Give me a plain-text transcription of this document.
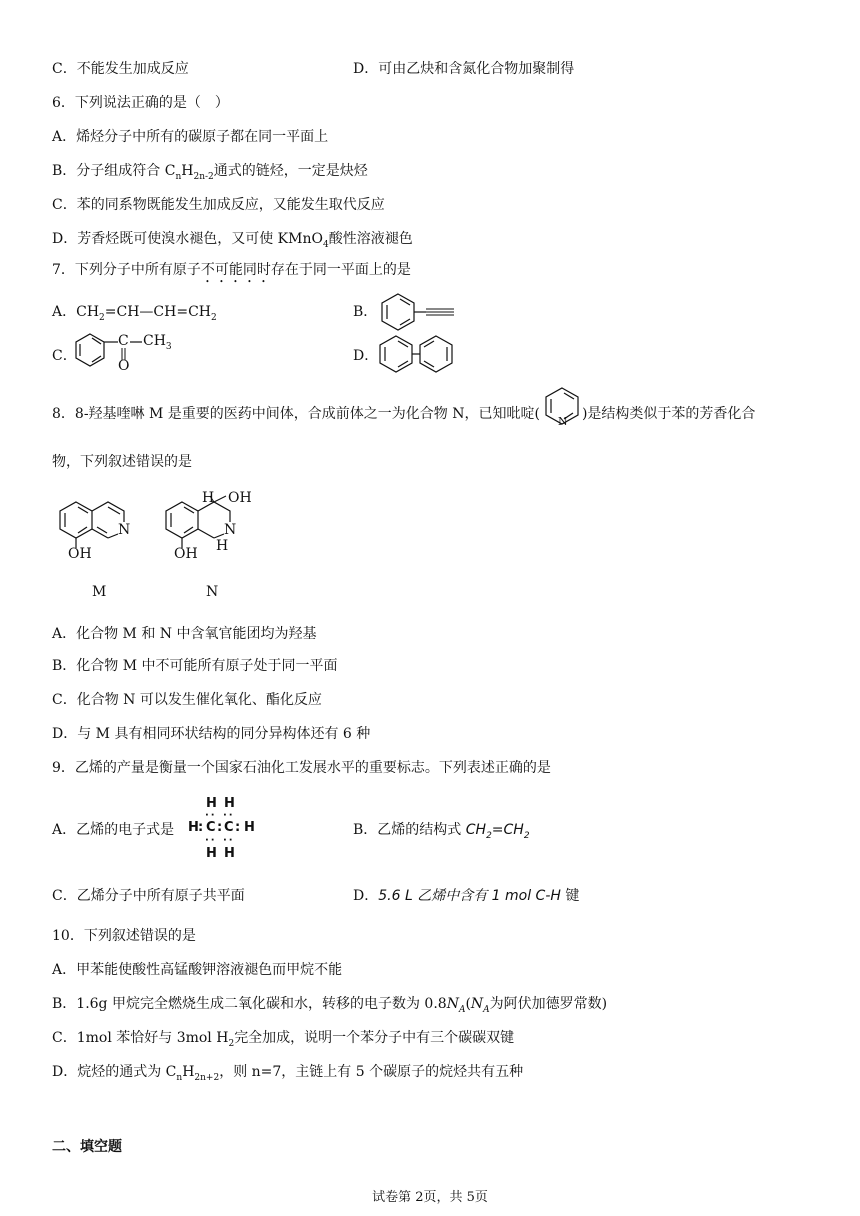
C．不能发生加成反应	D．可由乙炔和含氮化合物加聚制得
6．下列说法正确的是（　）
A．烯烃分子中所有的碳原子都在同一平面上
B．分子组成符合 $C_nH_{2n-2}$通式的链烃，一定是炔烃
C．苯的同系物既能发生加成反应，又能发生取代反应
D．芳香烃既可使溴水褪色，又可使 KMnO$_4$酸性溶液褪色
7．下列分子中所有原子不可能同时存在于同一平面上的是
A．$CH_2=CH—CH=CH_2$	B．
C．
C $CH_3$
O
D．
8．8-羟基喹啉 M 是重要的医药中间体，合成前体之一为化合物 N，已知吡啶( N )是结构类似于苯的芳香化合
物，下列叙述错误的是
N
OH
M
H OH
N
H
OH
N
A．化合物 M 和 N 中含氧官能团均为羟基
B．化合物 M 中不可能所有原子处于同一平面
C．化合物 N 可以发生催化氧化、酯化反应
D．与 M 具有相同环状结构的同分异构体还有 6 种
9．乙烯的产量是衡量一个国家石油化工发展水平的重要标志。下列表述正确的是
A．乙烯的电子式是
H H
·· ··
H : C : C : H
·· ··
H H
B．乙烯的结构式 $CH_2=CH_2$
C．乙烯分子中所有原子共平面	D．5.6 L 乙烯中含有 1 mol C-H 键
10．下列叙述错误的是
A．甲苯能使酸性高锰酸钾溶液褪色而甲烷不能
B．1.6g 甲烷完全燃烧生成二氧化碳和水，转移的电子数为 $0.8N_A(N_A$为阿伏加德罗常数)
C．1mol 苯恰好与 3mol $H_2$完全加成，说明一个苯分子中有三个碳碳双键
D．烷烃的通式为 $C_nH_{2n+2}$，则 n=7，主链上有 5 个碳原子的烷烃共有五种
二、填空题
试卷第 2页，共 5页
